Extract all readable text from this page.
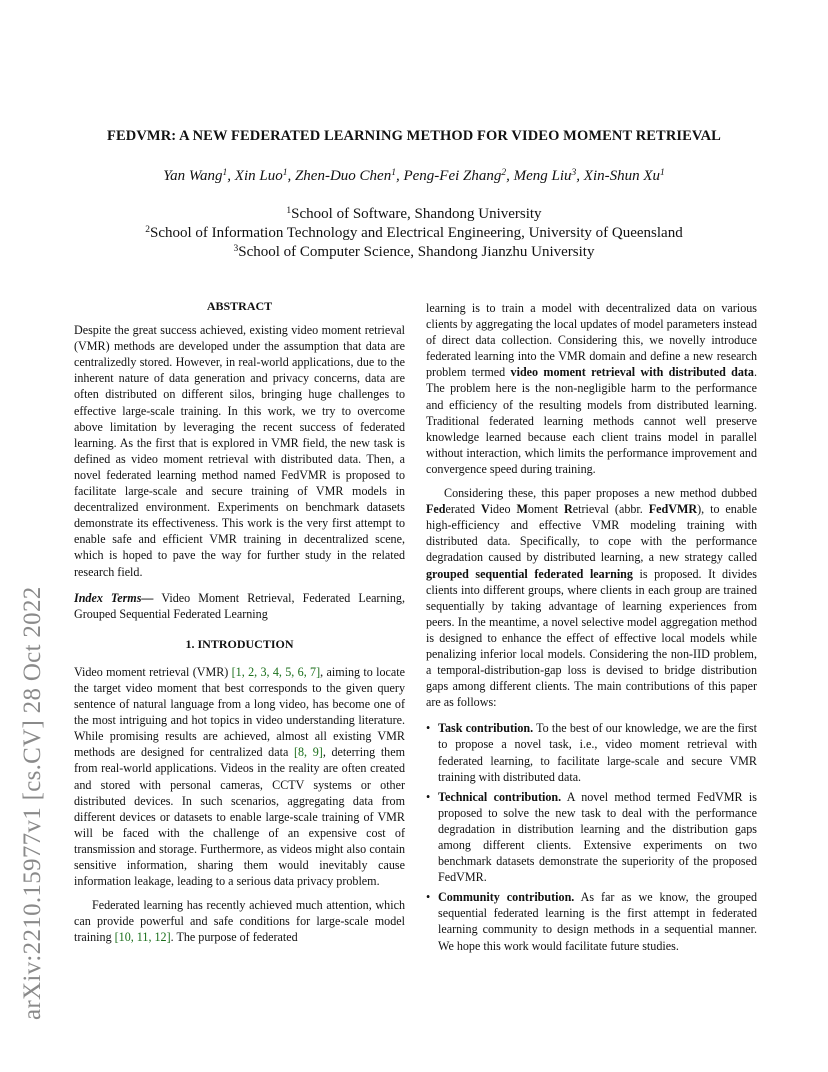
arXiv:2210.15977v1 [cs.CV] 28 Oct 2022
FEDVMR: A NEW FEDERATED LEARNING METHOD FOR VIDEO MOMENT RETRIEVAL
Yan Wang$^1$, Xin Luo$^1$, Zhen-Duo Chen$^1$, Peng-Fei Zhang$^2$, Meng Liu$^3$, Xin-Shun Xu$^1$
$^1$School of Software, Shandong University
$^2$School of Information Technology and Electrical Engineering, University of Queensland
$^3$School of Computer Science, Shandong Jianzhu University
ABSTRACT

Despite the great success achieved, existing video moment retrieval (VMR) methods are developed under the assumption that data are centralizedly stored. However, in real-world applications, due to the inherent nature of data generation and privacy concerns, data are often distributed on different silos, bringing huge challenges to effective large-scale training. In this work, we try to overcome above limitation by leveraging the recent success of federated learning. As the first that is explored in VMR field, the new task is defined as video moment retrieval with distributed data. Then, a novel federated learning method named FedVMR is proposed to facilitate large-scale and secure training of VMR models in decentralized environment. Experiments on benchmark datasets demonstrate its effectiveness. This work is the very first attempt to enable safe and efficient VMR training in decentralized scene, which is hoped to pave the way for further study in the related research field.

Index Terms— Video Moment Retrieval, Federated Learning, Grouped Sequential Federated Learning

1. INTRODUCTION

Video moment retrieval (VMR) [1, 2, 3, 4, 5, 6, 7], aiming to locate the target video moment that best corresponds to the given query sentence of natural language from a long video, has become one of the most intriguing and hot topics in video understanding literature. While promising results are achieved, almost all existing VMR methods are designed for centralized data [8, 9], deterring them from real-world applications. Videos in the reality are often created and stored with personal cameras, CCTV systems or other distributed devices. In such scenarios, aggregating data from different devices or datasets to enable large-scale training of VMR will be faced with the challenge of an expensive cost of transmission and storage. Furthermore, as videos might also contain sensitive information, sharing them would inevitably cause information leakage, leading to a serious data privacy problem.

Federated learning has recently achieved much attention, which can provide powerful and safe conditions for large-scale model training [10, 11, 12]. The purpose of federated

learning is to train a model with decentralized data on various clients by aggregating the local updates of model parameters instead of direct data collection. Considering this, we novelly introduce federated learning into the VMR domain and define a new research problem termed video moment retrieval with distributed data. The problem here is the non-negligible harm to the performance and efficiency of the resulting models from distributed learning. Traditional federated learning methods cannot well preserve knowledge learned because each client trains model in parallel without interaction, which limits the performance improvement and convergence speed during training.

Considering these, this paper proposes a new method dubbed Federated Video Moment Retrieval (abbr. FedVMR), to enable high-efficiency and effective VMR modeling training with distributed data. Specifically, to cope with the performance degradation caused by distributed learning, a new strategy called grouped sequential federated learning is proposed. It divides clients into different groups, where clients in each group are trained sequentially by taking advantage of learning experiences from peers. In the meantime, a novel selective model aggregation method is designed to enhance the effect of effective local models while penalizing inferior local models. Considering the non-IID problem, a temporal-distribution-gap loss is devised to bridge distribution gaps among different clients. The main contributions of this paper are as follows:

• Task contribution. To the best of our knowledge, we are the first to propose a novel task, i.e., video moment retrieval with federated learning, to facilitate large-scale and secure VMR training with distributed data.
• Technical contribution. A novel method termed FedVMR is proposed to solve the new task to deal with the performance degradation in distribution learning and the distribution gaps among different clients. Extensive experiments on two benchmark datasets demonstrate the superiority of the proposed FedVMR.
• Community contribution. As far as we know, the grouped sequential federated learning is the first attempt in federated learning community to design methods in a sequential manner. We hope this work would facilitate future studies.
